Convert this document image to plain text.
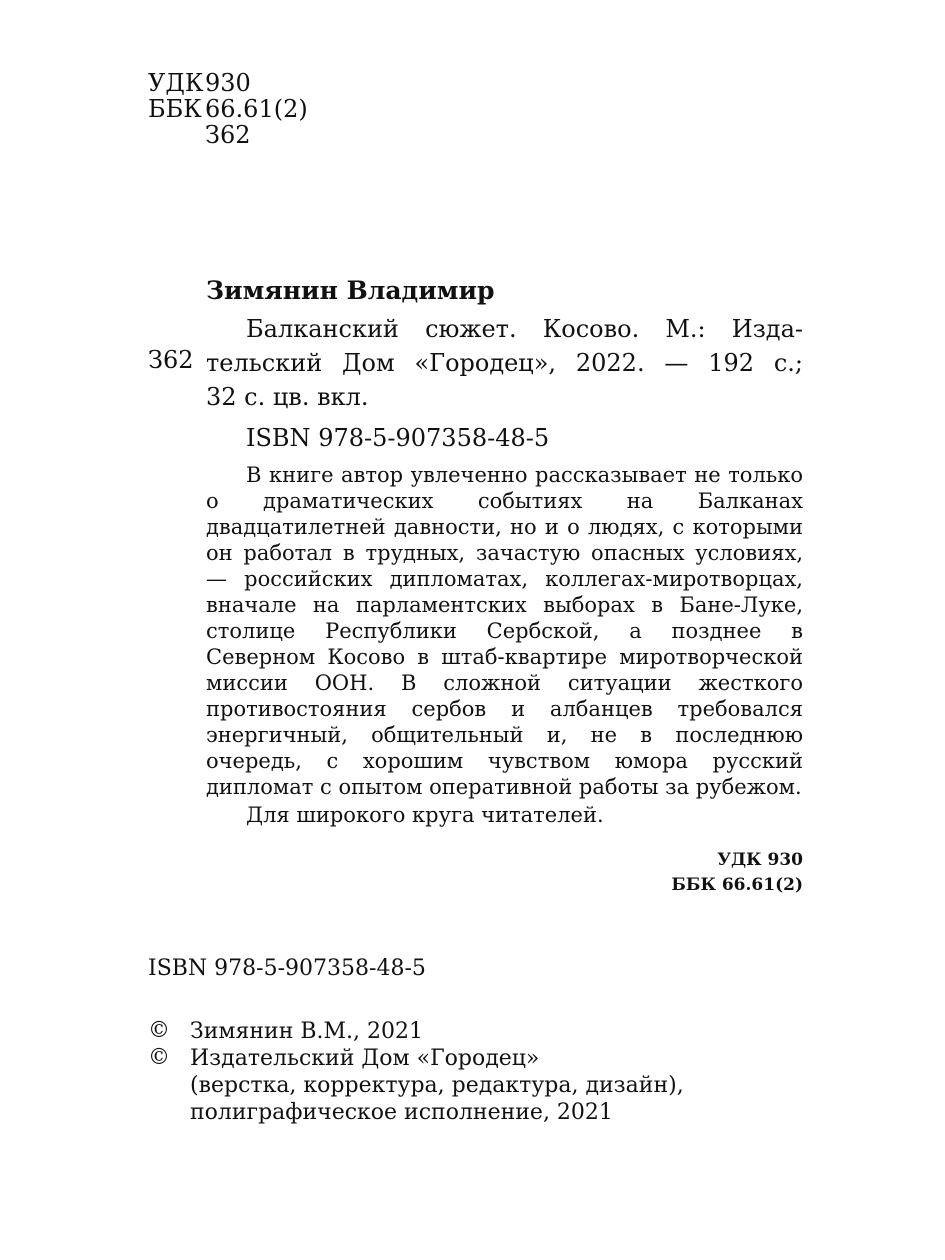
УДК 930
ББК 66.61(2)
З62
Зимянин Владимир
Балканский сюжет. Косово. М.: Изда-
З62 тельский Дом «Городец», 2022. — 192 с.;
32 с. цв. вкл.
ISBN 978-5-907358-48-5

В книге автор увлеченно рассказывает не только о драматических событиях на Балканах двадцатилетней давности, но и о людях, с которыми он работал в трудных, зачастую опасных условиях, — российских дипломатах, коллегах-миротворцах, вначале на парламентских выборах в Бане-Луке, столице Республики Сербской, а позднее в Северном Косово в штаб-квартире миротворческой миссии ООН. В сложной ситуации жесткого противостояния сербов и албанцев требовался энергичный, общительный и, не в последнюю очередь, с хорошим чувством юмора русский дипломат с опытом оперативной работы за рубежом.

Для широкого круга читателей.

УДК 930
ББК 66.61(2)
ISBN 978-5-907358-48-5
© Зимянин В.М., 2021
© Издательский Дом «Городец»
(верстка, корректура, редактура, дизайн),
полиграфическое исполнение, 2021
